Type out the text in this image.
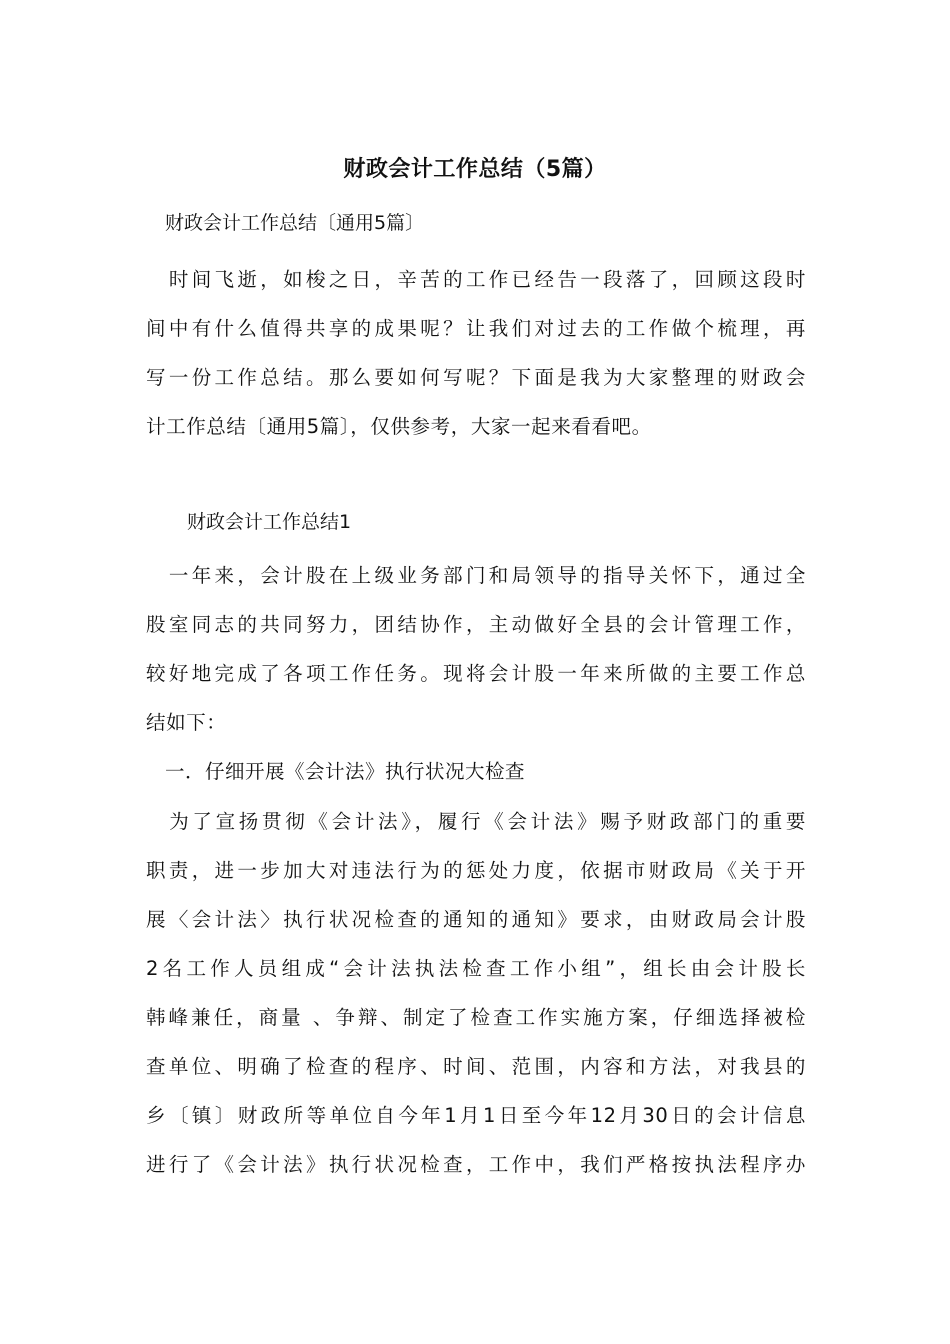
财政会计工作总结（5篇）
财政会计工作总结〔通用5篇〕
　时间飞逝，如梭之日，辛苦的工作已经告一段落了，回顾这段时
间中有什么值得共享的成果呢？让我们对过去的工作做个梳理，再
写一份工作总结。那么要如何写呢？下面是我为大家整理的财政会
计工作总结〔通用5篇〕，仅供参考，大家一起来看看吧。
财政会计工作总结1
　一年来，会计股在上级业务部门和局领导的指导关怀下，通过全
股室同志的共同努力，团结协作，主动做好全县的会计管理工作，
较好地完成了各项工作任务。现将会计股一年来所做的主要工作总
结如下：
一．仔细开展《会计法》执行状况大检查
　为了宣扬贯彻《会计法》，履行《会计法》赐予财政部门的重要
职责，进一步加大对违法行为的惩处力度，依据市财政局《关于开
展〈会计法〉执行状况检查的通知的通知》要求，由财政局会计股
2名工作人员组成“会计法执法检查工作小组”，组长由会计股长
韩峰兼任，商量 、争辩、制定了检查工作实施方案，仔细选择被检
查单位、明确了检查的程序、时间、范围，内容和方法，对我县的
乡〔镇〕财政所等单位自今年1月1日至今年12月30日的会计信息
进行了《会计法》执行状况检查，工作中，我们严格按执法程序办
